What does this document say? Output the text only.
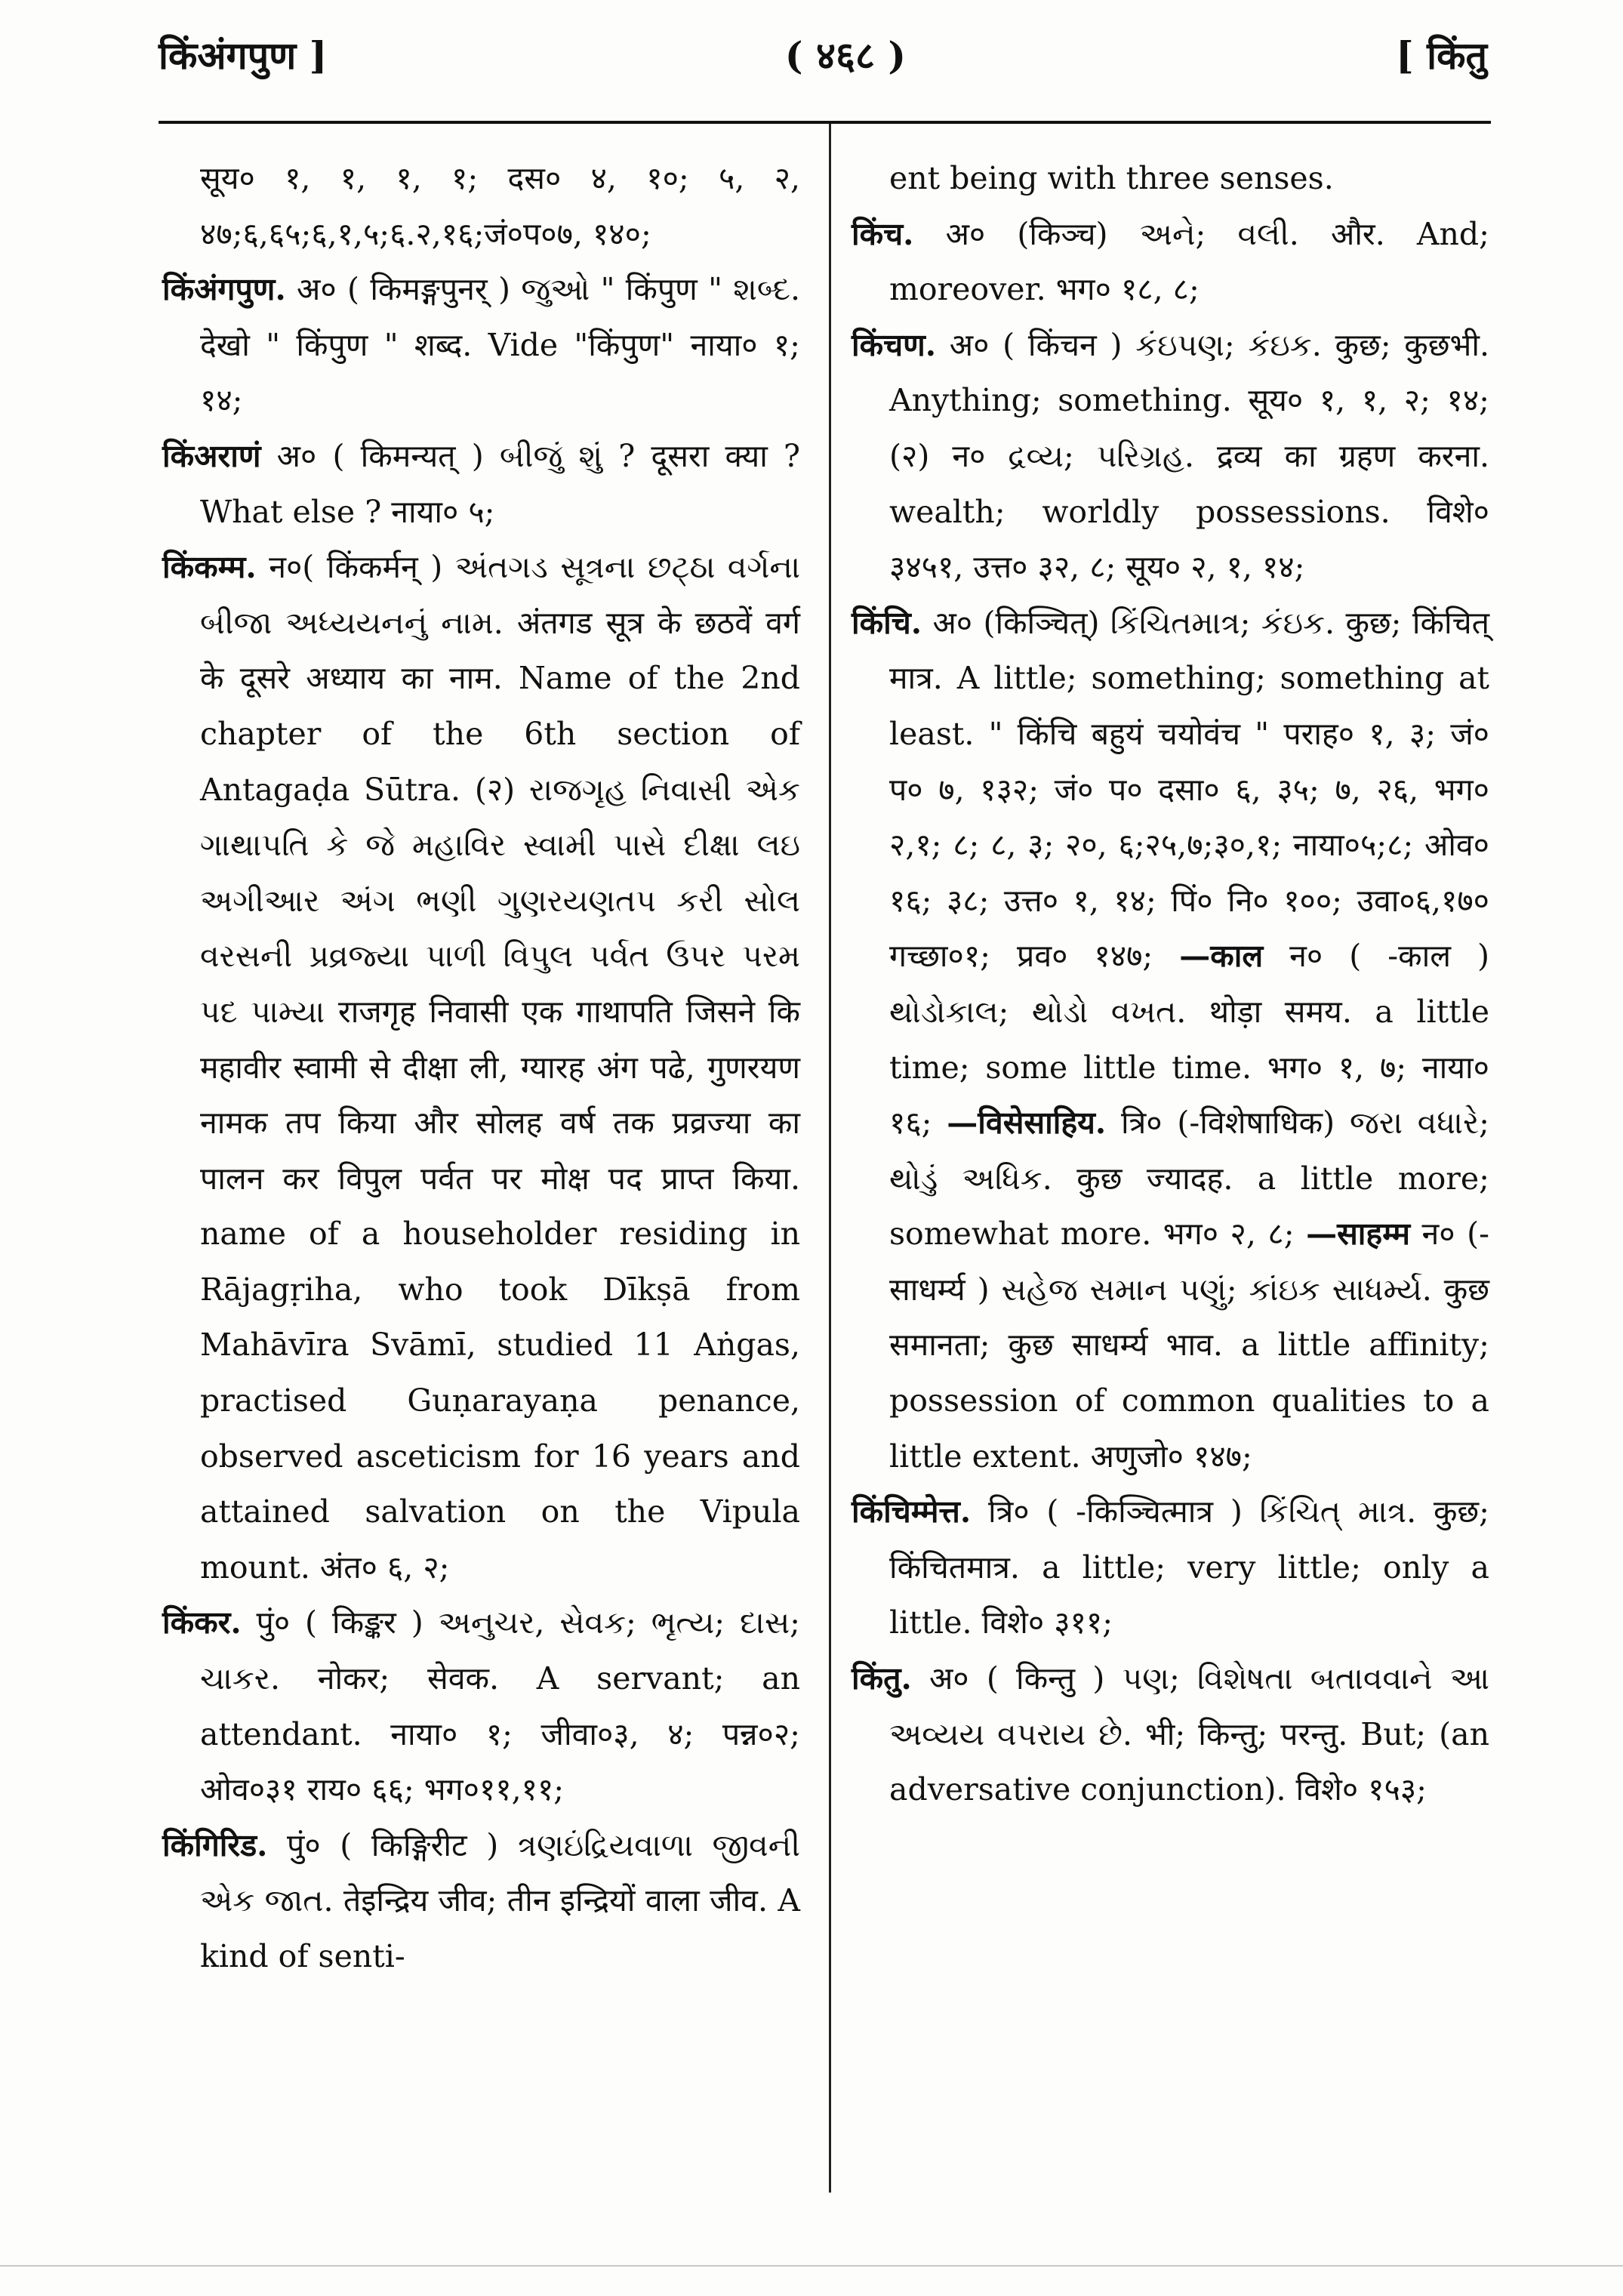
किंअंगपुण ]	( ४६८ )	[ किंतु

सूय० १, १, १, १; दस० ४, १०; ५, २, ४७;६,६५;६,१,५;६.२,१६;जं०प०७, १४०;

किंअंगपुण. अ० ( किमङ्गपुनर् ) જુઓ " किंपुण " શબ્દ. देखो " किंपुण " शब्द. Vide "किंपुण" नाया० १; १४;

किंअराणं अ० ( किमन्यत् ) બીજું શું ? दूसरा क्या ? What else ? नाया० ५;

किंकम्म. न०( किंकर्मन् ) અંતગડ સૂત્રના છટ્ઠા વર્ગના બીજા અધ્યયનનું નામ. अंतगड सूत्र के छठवें वर्ग के दूसरे अध्याय का नाम. Name of the 2nd chapter of the 6th section of Antagaḍa Sūtra. (२) રાજગૃહ નિવાસી એક ગાથાપતિ કે જે મહાવિર સ્વામી પાસે દીક્ષા લઇ અગીઆર અંગ ભણી ગુણરયણતપ કરી સોલ વરસની પ્રવ્રજ્યા પાળી વિપુલ પર્વત ઉપર પરમ પદ પામ્યા राजगृह निवासी एक गाथापति जिसने कि महावीर स्वामी से दीक्षा ली, ग्यारह अंग पढे, गुणरयण नामक तप किया और सोलह वर्ष तक प्रव्रज्या का पालन कर विपुल पर्वत पर मोक्ष पद प्राप्त किया. name of a householder residing in Rājagṛiha, who took Dīkṣā from Mahāvīra Svāmī, studied 11 Aṅgas, practised Guṇarayaṇa penance, observed asceticism for 16 years and attained salvation on the Vipula mount. अंत० ६, २;

किंकर. पुं० ( किङ्कर ) અનુચર, સેવક; ભૃત્ય; દાસ; ચાકર. नोकर; सेवक. A servant; an attendant. नाया० १; जीवा०३, ४; पन्न०२; ओव०३१ राय० ६६; भग०११,११;

किंगिरिड. पुं० ( किङ्गिरीट ) ત્રણઇંદ્રિયવાળા જીવની એક જાત. तेइन्द्रिय जीव; तीन इन्द्रियों वाला जीव. A kind of senti-

ent being with three senses.

किंच. अ० (किञ्च) અને; વલી. और. And; moreover. भग० १८, ८;

किंचण. अ० ( किंचन ) કંઇપણ; કંઇક. कुछ; कुछभी. Anything; something. सूय० १, १, २; १४; (२) न० દ્રવ્ય; પરિગ્રહ. द्रव्य का ग्रहण करना. wealth; worldly possessions. विशे० ३४५१, उत्त० ३२, ८; सूय० २, १, १४;

किंचि. अ० (किञ्चित्) કિંચિતમાત્ર; કંઇક. कुछ; किंचित् मात्र. A little; something; something at least. " किंचि बहुयं चयोवंच " पराह० १, ३; जं० प० ७, १३२; जं० प० दसा० ६, ३५; ७, २६, भग० २,१; ८; ८, ३; २०, ६;२५,७;३०,१; नाया०५;८; ओव० १६; ३८; उत्त० १, १४; पिं० नि० १००; उवा०६,१७० गच्छा०१; प्रव० १४७; —काल न० ( -काल ) થોડોકાલ; થોડો વખત. थोड़ा समय. a little time; some little time. भग० १, ७; नाया० १६; —विसेसाहिय. त्रि० (-विशेषाधिक) જરા વધારે; થોડું અધિક. कुछ ज्यादह. a little more; somewhat more. भग० २, ८; —साहम्म न० (-साधर्म्य ) સહેજ સમાન પણું; કાંઇક સાધર્મ્ય. कुछ समानता; कुछ साधर्म्य भाव. a little affinity; possession of common qualities to a little extent. अणुजो० १४७;

किंचिम्मेत्त. त्रि० ( -किञ्चित्मात्र ) કિંચિત્ માત્ર. कुछ; किंचितमात्र. a little; very little; only a little. विशे० ३११;

किंतु. अ० ( किन्तु ) પણ; વિશેષતા બતાવવાને આ અવ્યય વપરાય છે. भी; किन्तु; परन्तु. But; (an adversative conjunction). विशे० १५३;
